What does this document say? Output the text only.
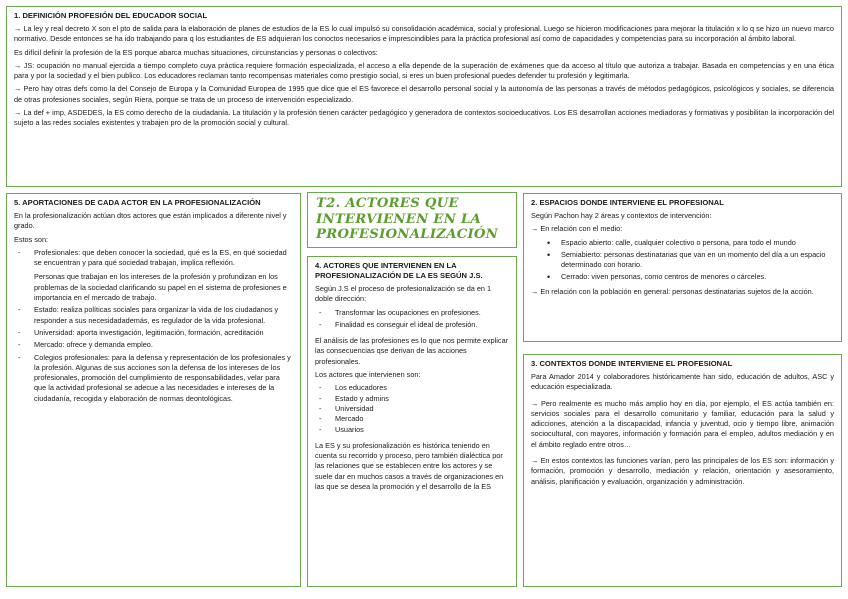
1. DEFINICIÓN PROFESIÓN DEL EDUCADOR SOCIAL

→ La ley y real decreto X son el pto de salida para la elaboración de planes de estudios de la ES lo cual impulsó su consolidación académica, social y profesional. Luego se hicieron modificaciones para mejorar la titulación x lo q se hizo un nuevo marco normativo. Desde entonces se ha ido trabajando para q los estudiantes de ES adquieran los conoctos necesarios e imprescindibles para la práctica profesional así como de capacidades y competencias para su incorporación al ámbito laboral.

Es difícil definir la profesión de la ES porque abarca muchas situaciones, circunstancias y personas o colectivos:

→ JS: ocupación no manual ejercida a tiempo completo cuya práctica requiere formación especializada, el acceso a ella depende de la superación de exámenes que da acceso al título que autoriza a trabajar. Basada en competencias y en una ética para y por la sociedad y el bien publico. Los educadores reclaman tanto recompensas materiales como prestigio social, si eres un buen profesional puedes defender tu profesión y legitimarla.

→ Pero hay otras defs como la del Consejo de Europa y la Comunidad Europea de 1995 que dice que el ES favorece el desarrollo personal social y la autonomía de las personas a través de métodos pedagógicos, psicológicos y sociales, se diferencia de otras profesiones sociales, según Riera, porque se trata de un proceso de intervención especializado.

→ La def + imp, ASDEDES, la ES como derecho de la ciudadanía. La titulación y la profesión tienen carácter pedagógico y generadora de contextos socioeducativos. Los ES desarrollan acciones mediadoras y formativas y posibilitan la incorporación del sujeto a las redes sociales existentes y trabajen pro de la promoción social y cultural.

5. APORTACIONES DE CADA ACTOR EN LA PROFESIONALIZACIÓN

En la profesionalización actúan dtos actores que están implicados a diferente nivel y grado.

Estos son:

- Profesionales: que deben conocer la sociedad, qué es la ES, en qué sociedad se encuentran y para qué sociedad trabajan, implica reflexión.
Personas que trabajan en los intereses de la profesión y profundizan en los problemas de la sociedad clarificando su papel en el sistema de profesiones e importancia en el mercado de trabajo.
- Estado: realiza políticas sociales para organizar la vida de los ciudadanos y responder a sus necesidadademás, es regulador de la vida profesional.
- Universidad: aporta investigación, legitimación, formación, acreditación
- Mercado: ofrece y demanda empleo.
- Colegios profesionales: para la defensa y representación de los profesionales y la profesión. Algunas de sus acciones son la defensa de los intereses de los profesionales, promoción del cumplimiento de responsabilidades, velar para que la actividad profesional se adecue a las necesidades e intereses de la ciudadanía, recogida y elaboración de normas deontológicas.
T2. ACTORES QUE INTERVIENEN EN LA PROFESIONALIZACIÓN
4. ACTORES QUE INTERVIENEN EN LA PROFESIONALIZACIÓN DE LA ES SEGÚN J.S.

Según J.S el proceso de profesionalización se da en 1 doble dirección:

- Transformar las ocupaciones en profesiones.
- Finalidad es conseguir el ideal de profesión.

El análisis de las profesiones es lo que nos permite explicar las consecuencias qse derivan de las acciones profesionales.

Los actores que intervienen son:

- Los educadores
- Estado y admins
- Universidad
- Mercado
- Usuarios

La ES y su profesionalización es histórica teniendo en cuenta su recorrido y proceso, pero también dialéctica por las relaciones que se establecen entre los actores y se suele dar en muchos casos a través de organizaciones en las que se desea la promoción y el desarrollo de la ES

2. ESPACIOS DONDE INTERVIENE EL PROFESIONAL

Según Pachon hay 2 áreas y contextos de intervención:

→ En relación con el medio:

• Espacio abierto: calle, cualquier colectivo o persona, para todo el mundo
• Semiabierto: personas destinatarias que van en un momento del día a un espacio determinado con horario.
• Cerrado: viven personas, como centros de menores o cárceles.

→ En relación con la población en general: personas destinatarias sujetos de la acción.

3. CONTEXTOS DONDE INTERVIENE EL PROFESIONAL

Para Amador 2014 y colaboradores históricamente han sido, educación de adultos, ASC y educación especializada.

→ Pero realmente es mucho más amplio hoy en día, por ejemplo, el ES actúa también en: servicios sociales para el desarrollo comunitario y familiar, educación para la salud y adicciones, atención a la discapacidad, infancia y juventud, ocio y tiempo libre, animación sociocultural, con mayores, información y formación para el empleo, adultos mediación y en el ámbito reglado entre otros…

→ En estos contextos las funciones varían, pero las principales de los ES son: información y formación, promoción y desarrollo, mediación y relación, orientación y asesoramiento, análisis, planificación y evaluación, organización y administración.
